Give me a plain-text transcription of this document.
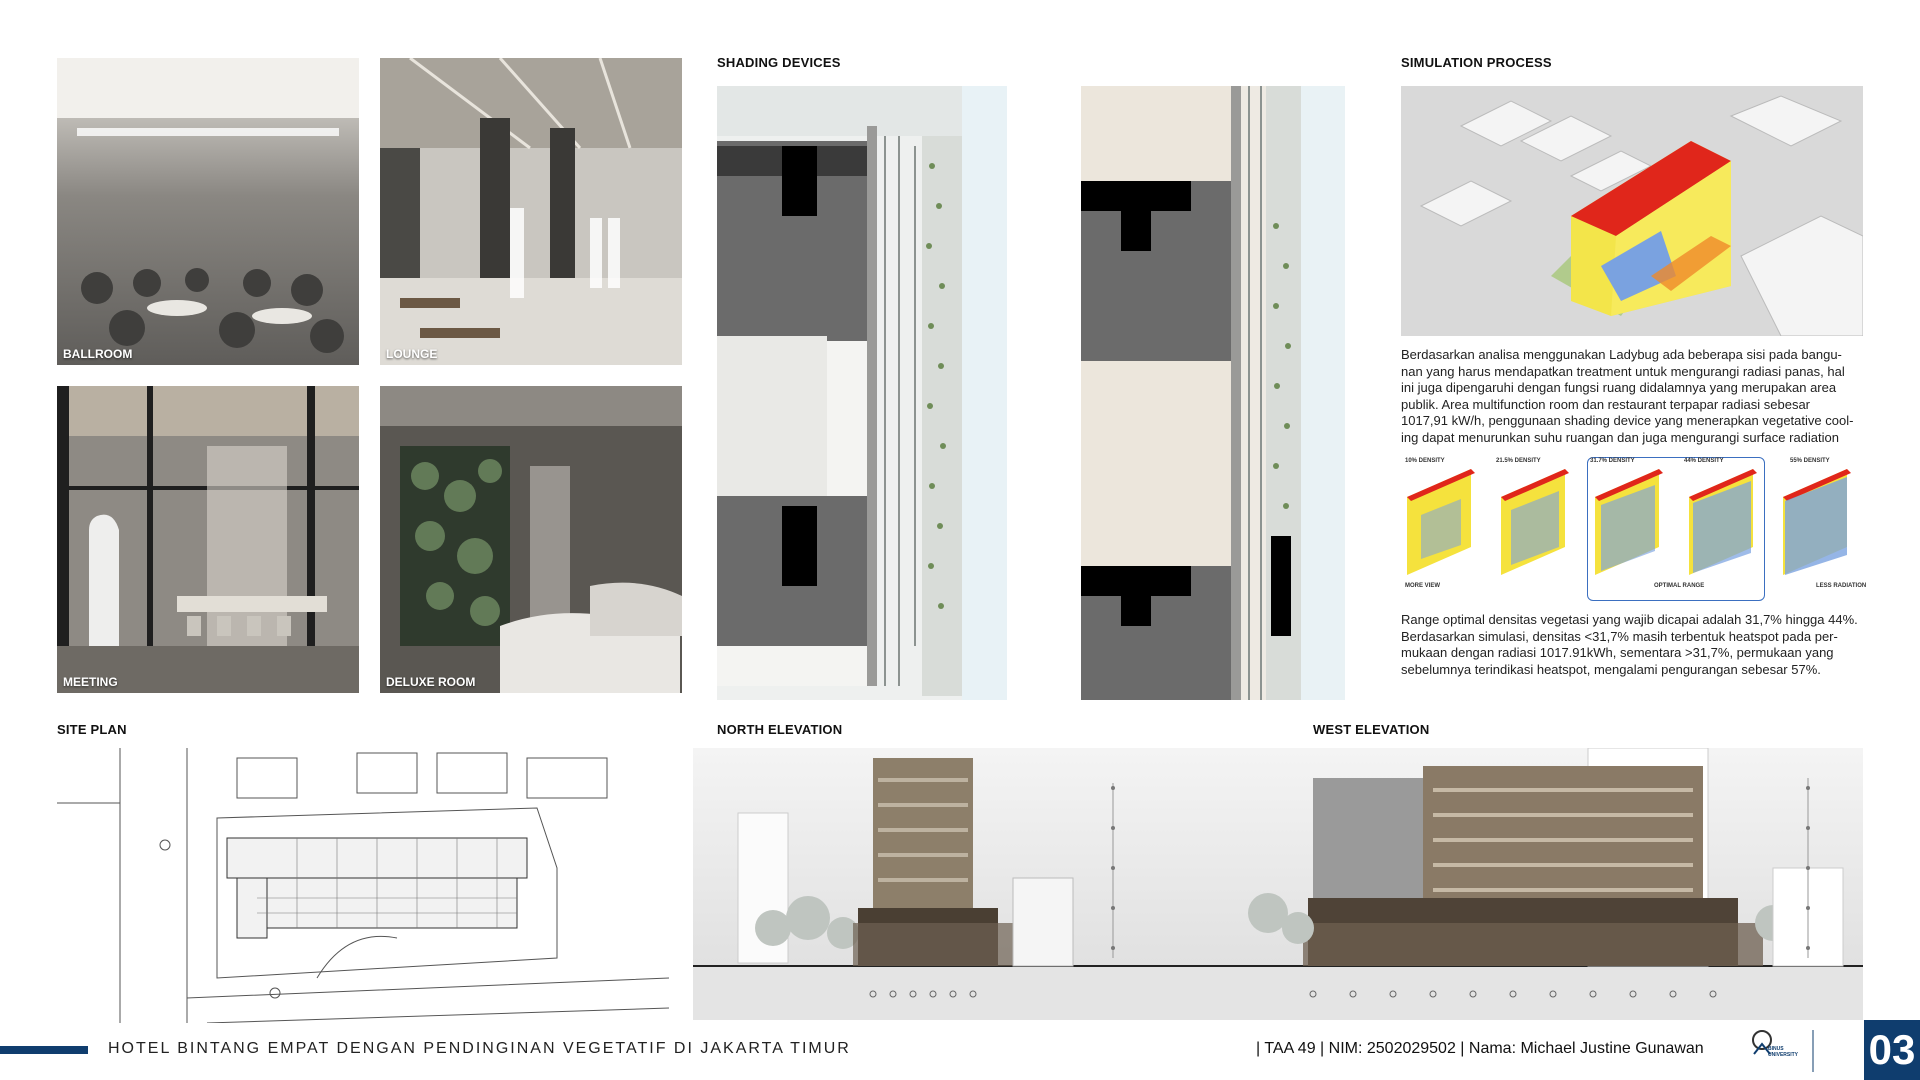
BALLROOM	LOUNGE
MEETING	DELUXE ROOM
SHADING DEVICES	SIMULATION PROCESS
Berdasarkan analisa menggunakan Ladybug ada beberapa sisi pada bangu-
nan yang harus mendapatkan treatment untuk mengurangi radiasi panas, hal
ini juga dipengaruhi dengan fungsi ruang didalamnya yang merupakan area
publik. Area multifunction room dan restaurant terpapar radiasi sebesar
1017,91 kW/h, penggunaan shading device yang menerapkan vegetative cool-
ing dapat menurunkan suhu ruangan dan juga mengurangi surface radiation
10% DENSITY	21.5% DENSITY	31.7% DENSITY	44% DENSITY	55% DENSITY
MORE VIEW	OPTIMAL RANGE	LESS RADIATION
Range optimal densitas vegetasi yang wajib dicapai adalah 31,7% hingga 44%.
Berdasarkan simulasi, densitas <31,7% masih terbentuk heatspot pada per-
mukaan dengan radiasi 1017.91kWh, sementara >31,7%, permukaan yang
sebelumnya terindikasi heatspot, mengalami pengurangan sebesar 57%.
SITE PLAN	NORTH ELEVATION	WEST ELEVATION
HOTEL BINTANG EMPAT DENGAN PENDINGINAN VEGETATIF DI JAKARTA TIMUR	| TAA 49 | NIM: 2502029502 | Nama: Michael Justine Gunawan	BINUS UNIVERSITY 03
